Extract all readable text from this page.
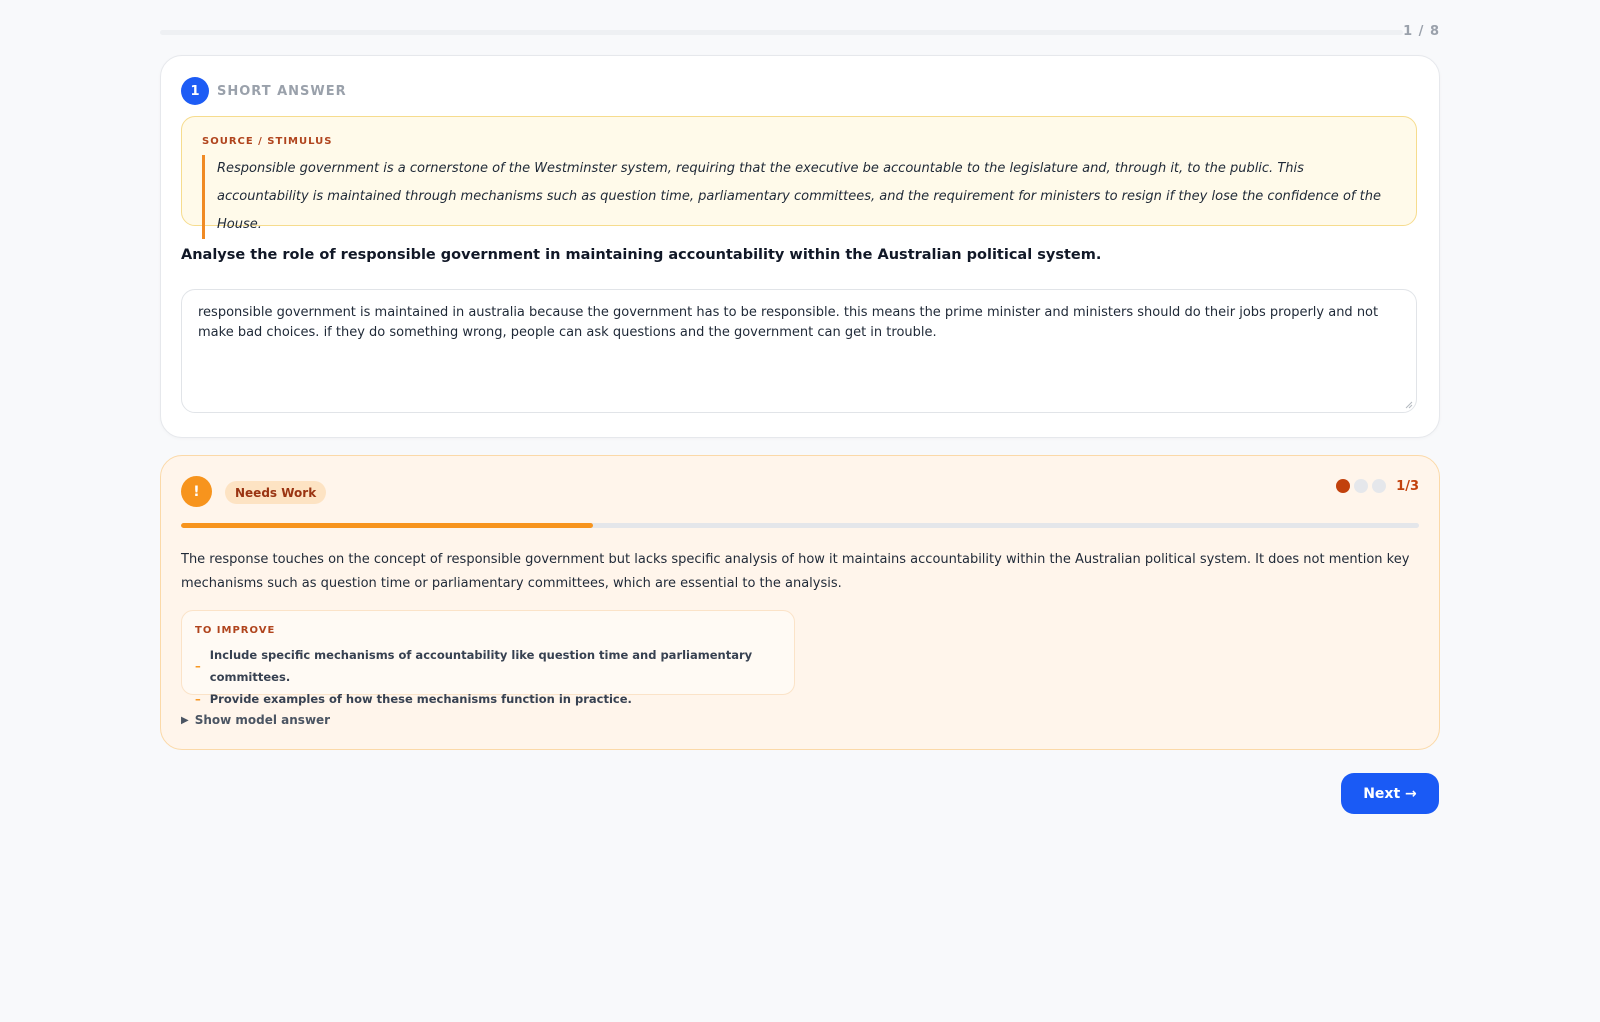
1 / 8
1	SHORT ANSWER
SOURCE / STIMULUS
Responsible government is a cornerstone of the Westminster system, requiring that the executive be accountable to the legislature and, through it, to the public. This accountability is maintained through mechanisms such as question time, parliamentary committees, and the requirement for ministers to resign if they lose the confidence of the House.
Analyse the role of responsible government in maintaining accountability within the Australian political system.
responsible government is maintained in australia because the government has to be responsible. this means the prime minister and ministers should do their jobs properly and not make bad choices. if they do something wrong, people can ask questions and the government can get in trouble.
!	Needs Work	1/3
The response touches on the concept of responsible government but lacks specific analysis of how it maintains accountability within the Australian political system. It does not mention key mechanisms such as question time or parliamentary committees, which are essential to the analysis.
TO IMPROVE
–
Include specific mechanisms of accountability like question time and parliamentary committees.
– Provide examples of how these mechanisms function in practice.
▶ Show model answer
Next →
